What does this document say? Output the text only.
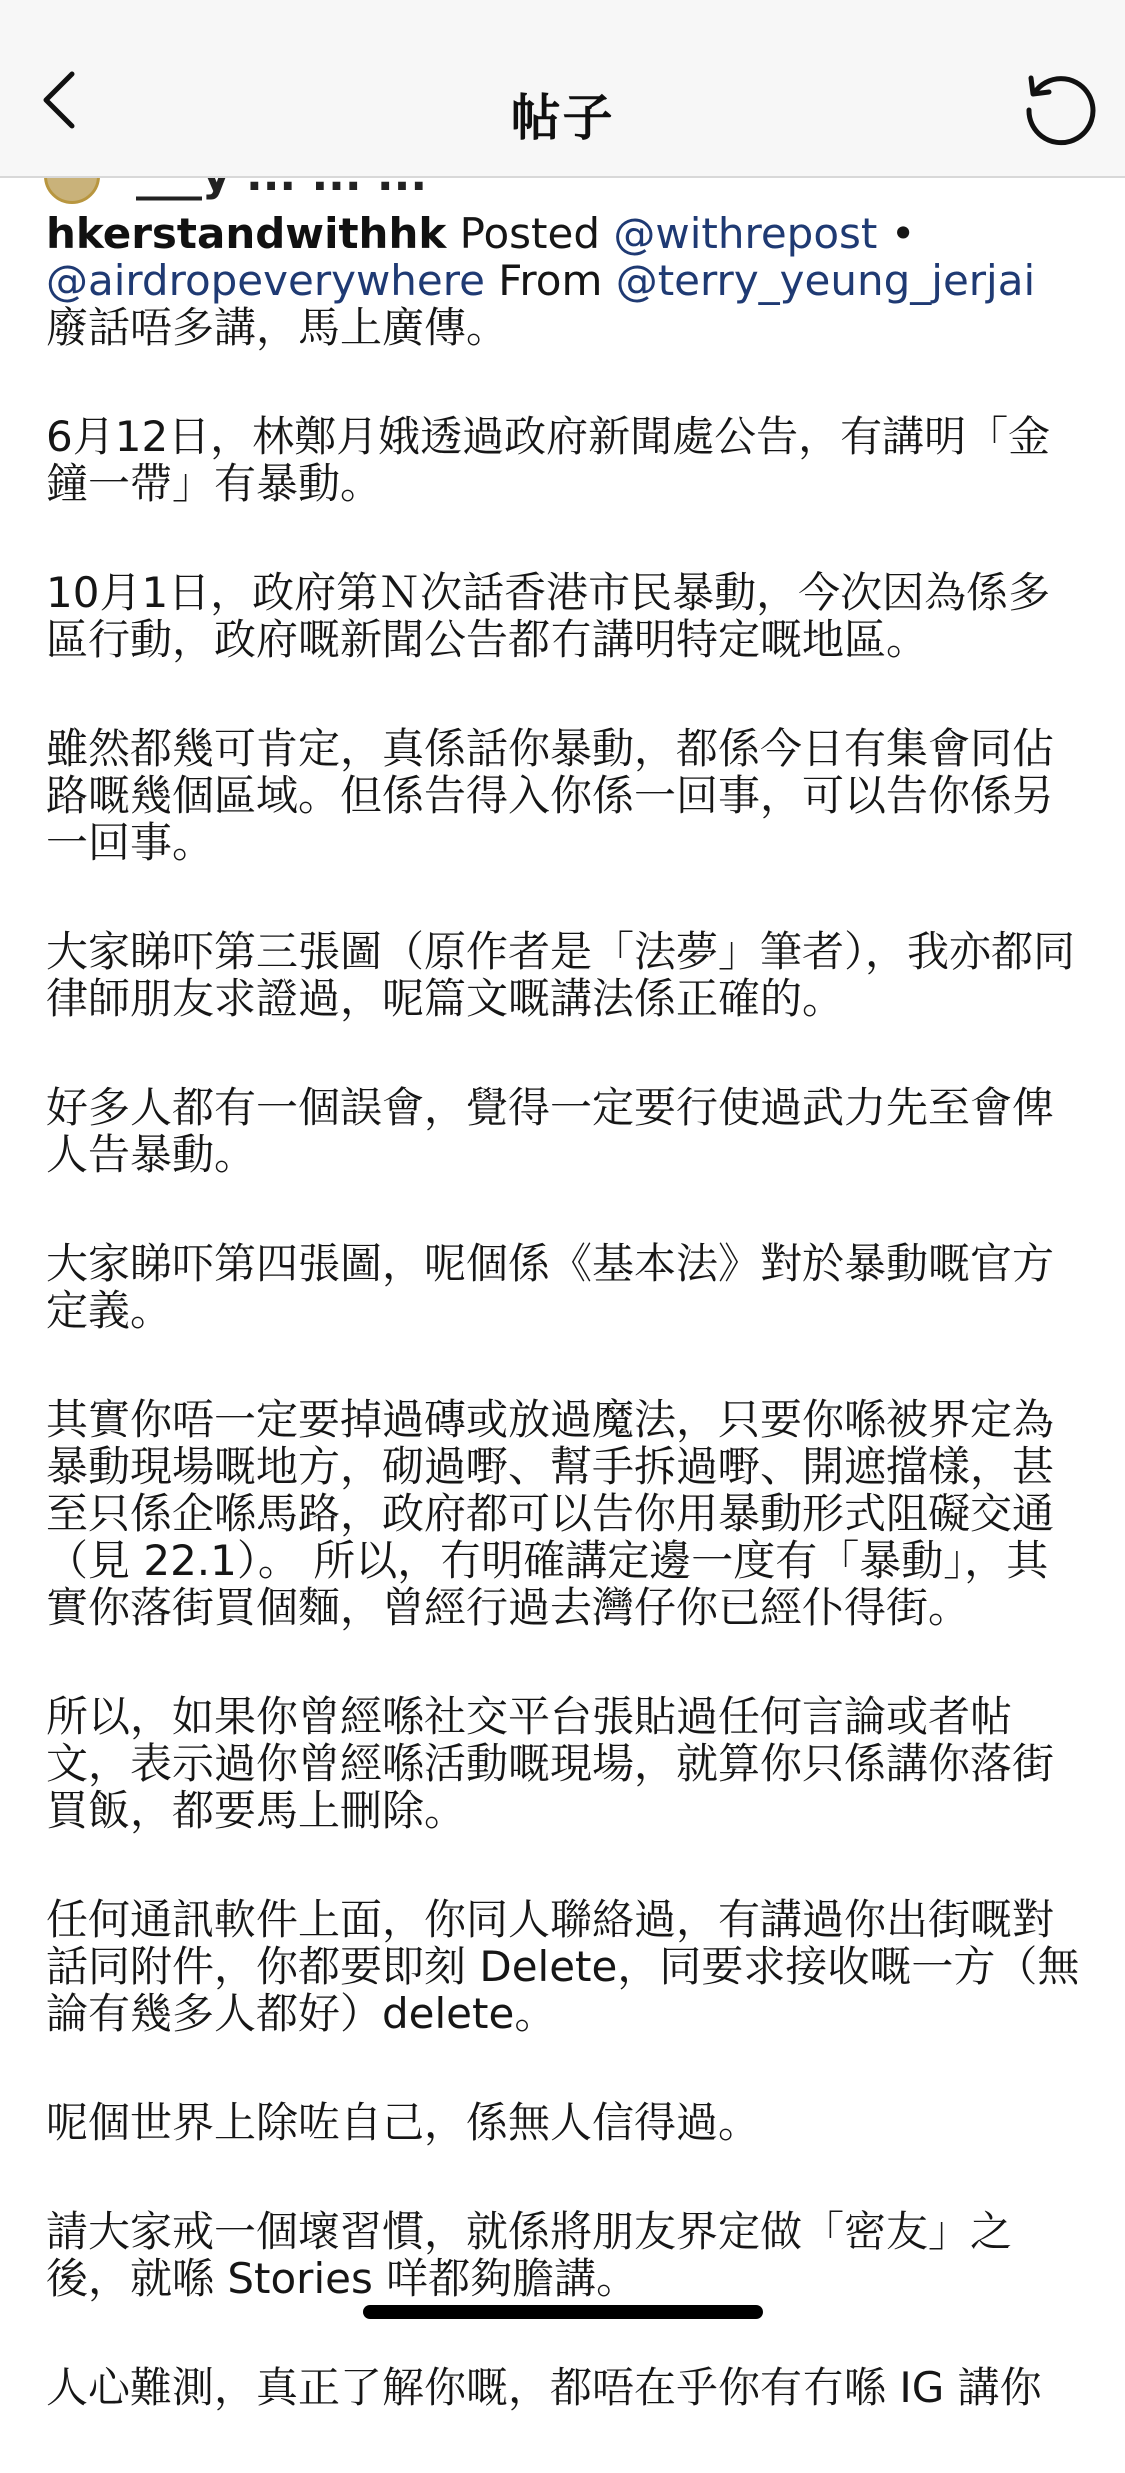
帖子

hkerstandwithhk Posted @withrepost • @airdropeverywhere From @terry_yeung_jerjai 廢話唔多講，馬上廣傳。

6月12日，林鄭月娥透過政府新聞處公告，有講明「金鐘一帶」有暴動。

10月1日，政府第Ｎ次話香港市民暴動，今次因為係多區行動，政府嘅新聞公告都冇講明特定嘅地區。

雖然都幾可肯定，真係話你暴動，都係今日有集會同佔路嘅幾個區域。但係告得入你係一回事，可以告你係另一回事。

大家睇吓第三張圖（原作者是「法夢」筆者），我亦都同律師朋友求證過，呢篇文嘅講法係正確的。

好多人都有一個誤會，覺得一定要行使過武力先至會俾人告暴動。

大家睇吓第四張圖，呢個係《基本法》對於暴動嘅官方定義。

其實你唔一定要掉過磚或放過魔法，只要你喺被界定為暴動現場嘅地方，砌過嘢、幫手拆過嘢、開遮擋樣，甚至只係企喺馬路，政府都可以告你用暴動形式阻礙交通（見 22.1）。 所以，冇明確講定邊一度有「暴動」，其實你落街買個麵，曾經行過去灣仔你已經仆得街。

所以，如果你曾經喺社交平台張貼過任何言論或者帖文，表示過你曾經喺活動嘅現場，就算你只係講你落街買飯，都要馬上刪除。

任何通訊軟件上面，你同人聯絡過，有講過你出街嘅對話同附件，你都要即刻 Delete，同要求接收嘅一方（無論有幾多人都好）delete。

呢個世界上除咗自己，係無人信得過。

請大家戒一個壞習慣，就係將朋友界定做「密友」之後，就喺 Stories 咩都夠膽講。

人心難測，真正了解你嘅，都唔在乎你有冇喺 IG 講你
